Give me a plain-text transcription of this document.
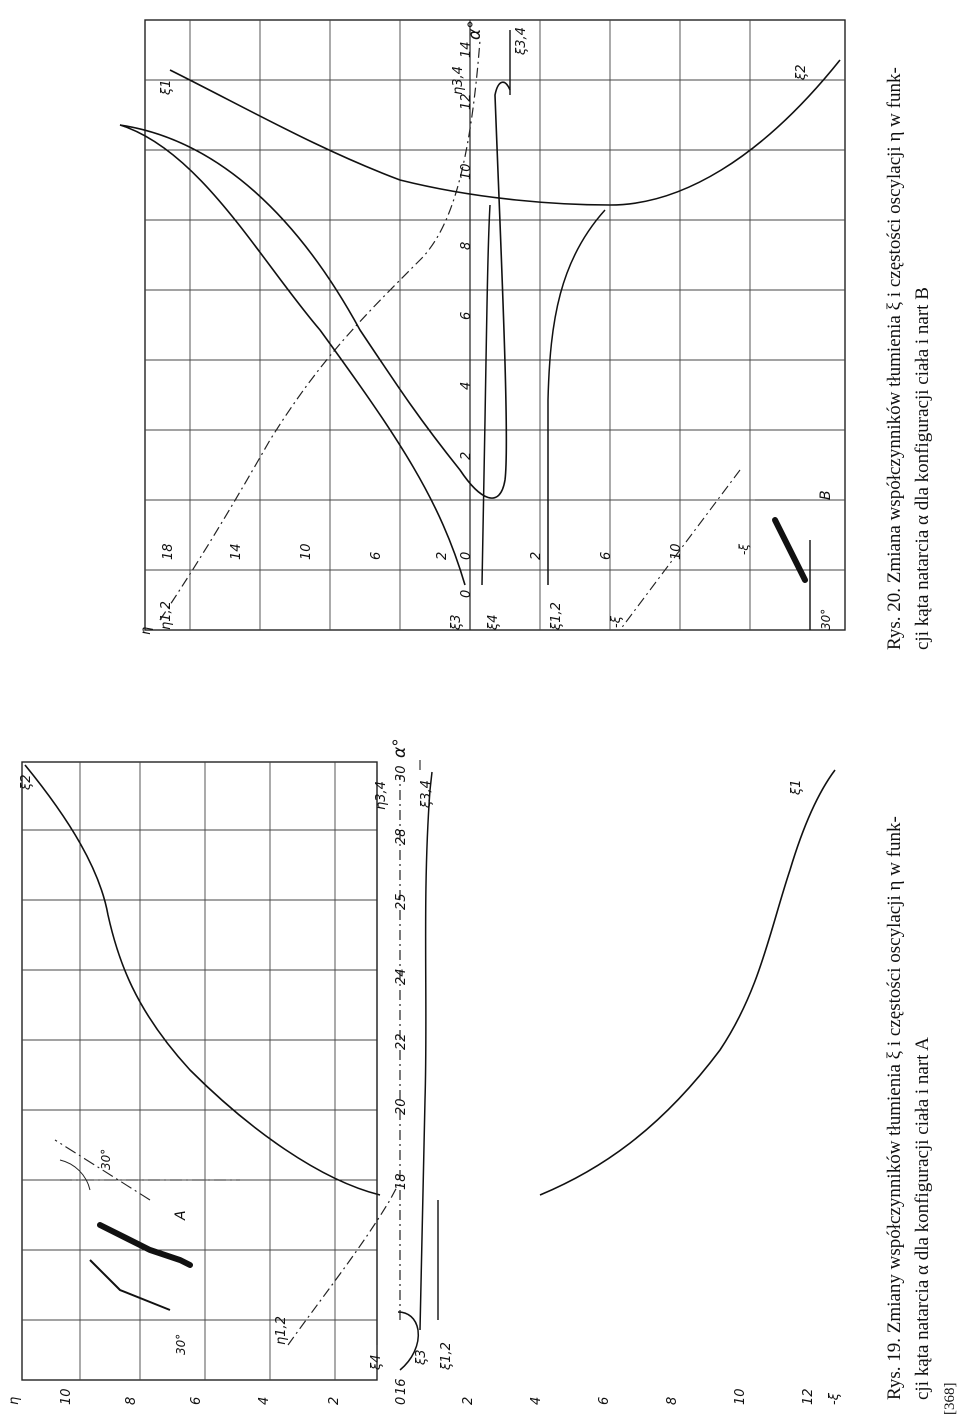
16
18
20
22
24
25
28
30
α°
η	10	8	6	4	2	0	2	4	6	8	10	12 -ξ
ξ2	ξ1
η1,2
η3,4 ξ3,4
ξ4 ξ3 ξ1,2
30°
30°
A	Rys. 19. Zmiany współczynników tłumienia ξ i częstości oscylacji η w funk- cji kąta natarcia α dla konfiguracji ciała i nart A
0
2
4
6
8
10
12
14
α°
η
18	14	10	6	2 0	2	6	10
-ξ
ξ1
ξ2
η1,2
η3,4
ξ3,4
ξ3 ξ4	ξ1,2	30°
-ξ
B	Rys. 20. Zmiana współczynników tłumienia ξ i częstości oscylacji η w funk- cji kąta natarcia α dla konfiguracji ciała i nart B
[368]
